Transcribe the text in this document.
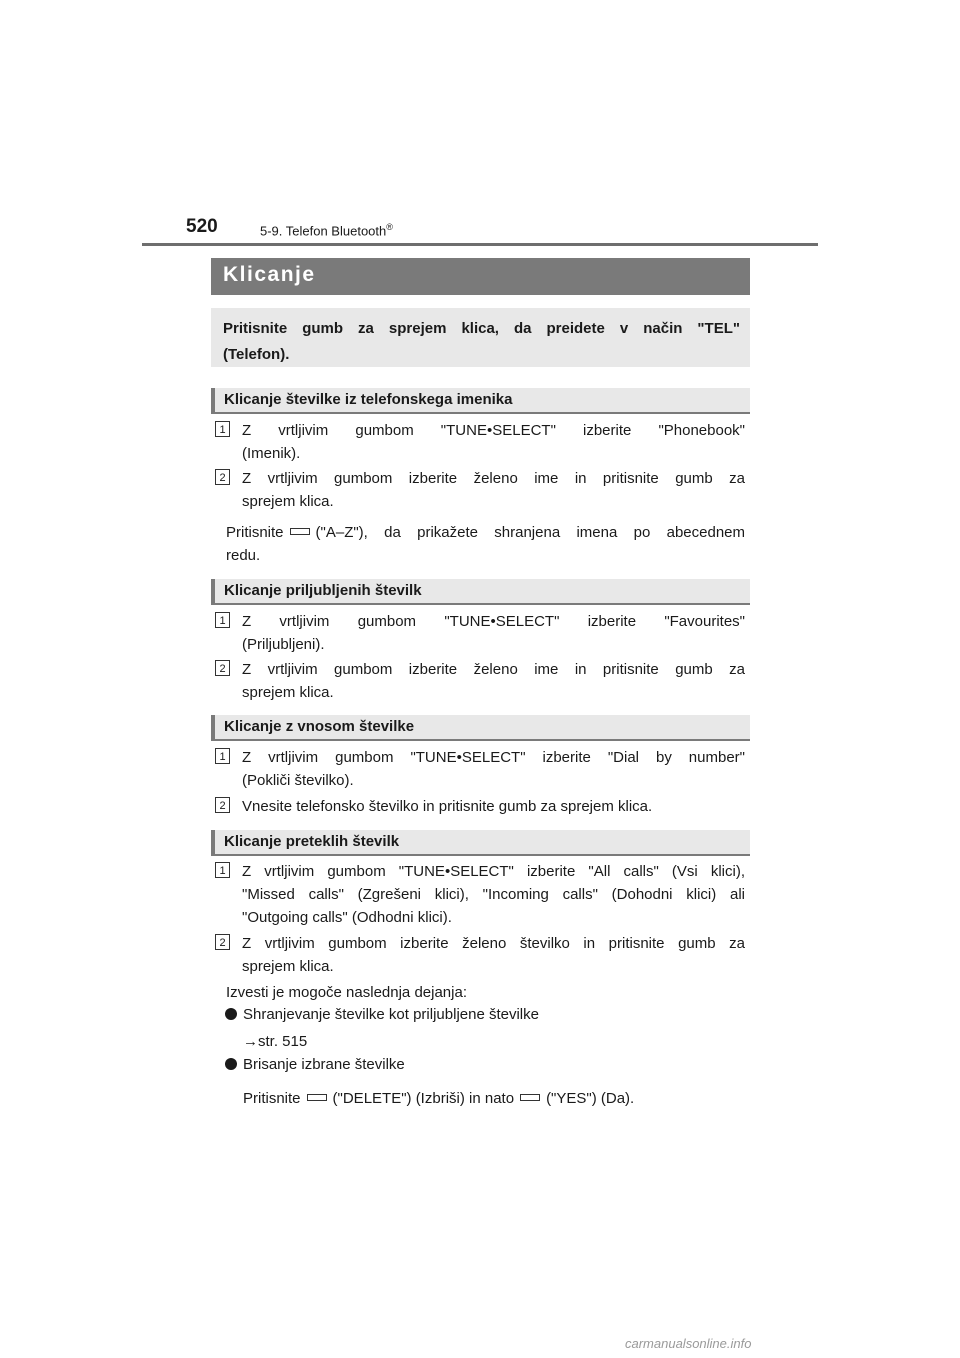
520	5-9. Telefon Bluetooth®
Klicanje
Pritisnite gumb za sprejem klica, da preidete v način "TEL"
(Telefon).
Klicanje številke iz telefonskega imenika
1 Z vrtljivim gumbom "TUNE•SELECT" izberite "Phonebook"
(Imenik).
2 Z vrtljivim gumbom izberite želeno ime in pritisnite gumb za
sprejem klica.
Pritisnite ("A–Z"), da prikažete shranjena imena po abecednem
redu.
Klicanje priljubljenih številk
1 Z vrtljivim gumbom "TUNE•SELECT" izberite "Favourites"
(Priljubljeni).
2 Z vrtljivim gumbom izberite želeno ime in pritisnite gumb za
sprejem klica.
Klicanje z vnosom številke
1 Z vrtljivim gumbom "TUNE•SELECT" izberite "Dial by number"
(Pokliči številko).
2 Vnesite telefonsko številko in pritisnite gumb za sprejem klica.
Klicanje preteklih številk
1 Z vrtljivim gumbom "TUNE•SELECT" izberite "All calls" (Vsi klici),
"Missed calls" (Zgrešeni klici), "Incoming calls" (Dohodni klici) ali
"Outgoing calls" (Odhodni klici).
2 Z vrtljivim gumbom izberite želeno številko in pritisnite gumb za
sprejem klica.
Izvesti je mogoče naslednja dejanja:
Shranjevanje številke kot priljubljene številke
→str. 515
Brisanje izbrane številke
Pritisnite ("DELETE") (Izbriši) in nato ("YES") (Da).
carmanualsonline.info
